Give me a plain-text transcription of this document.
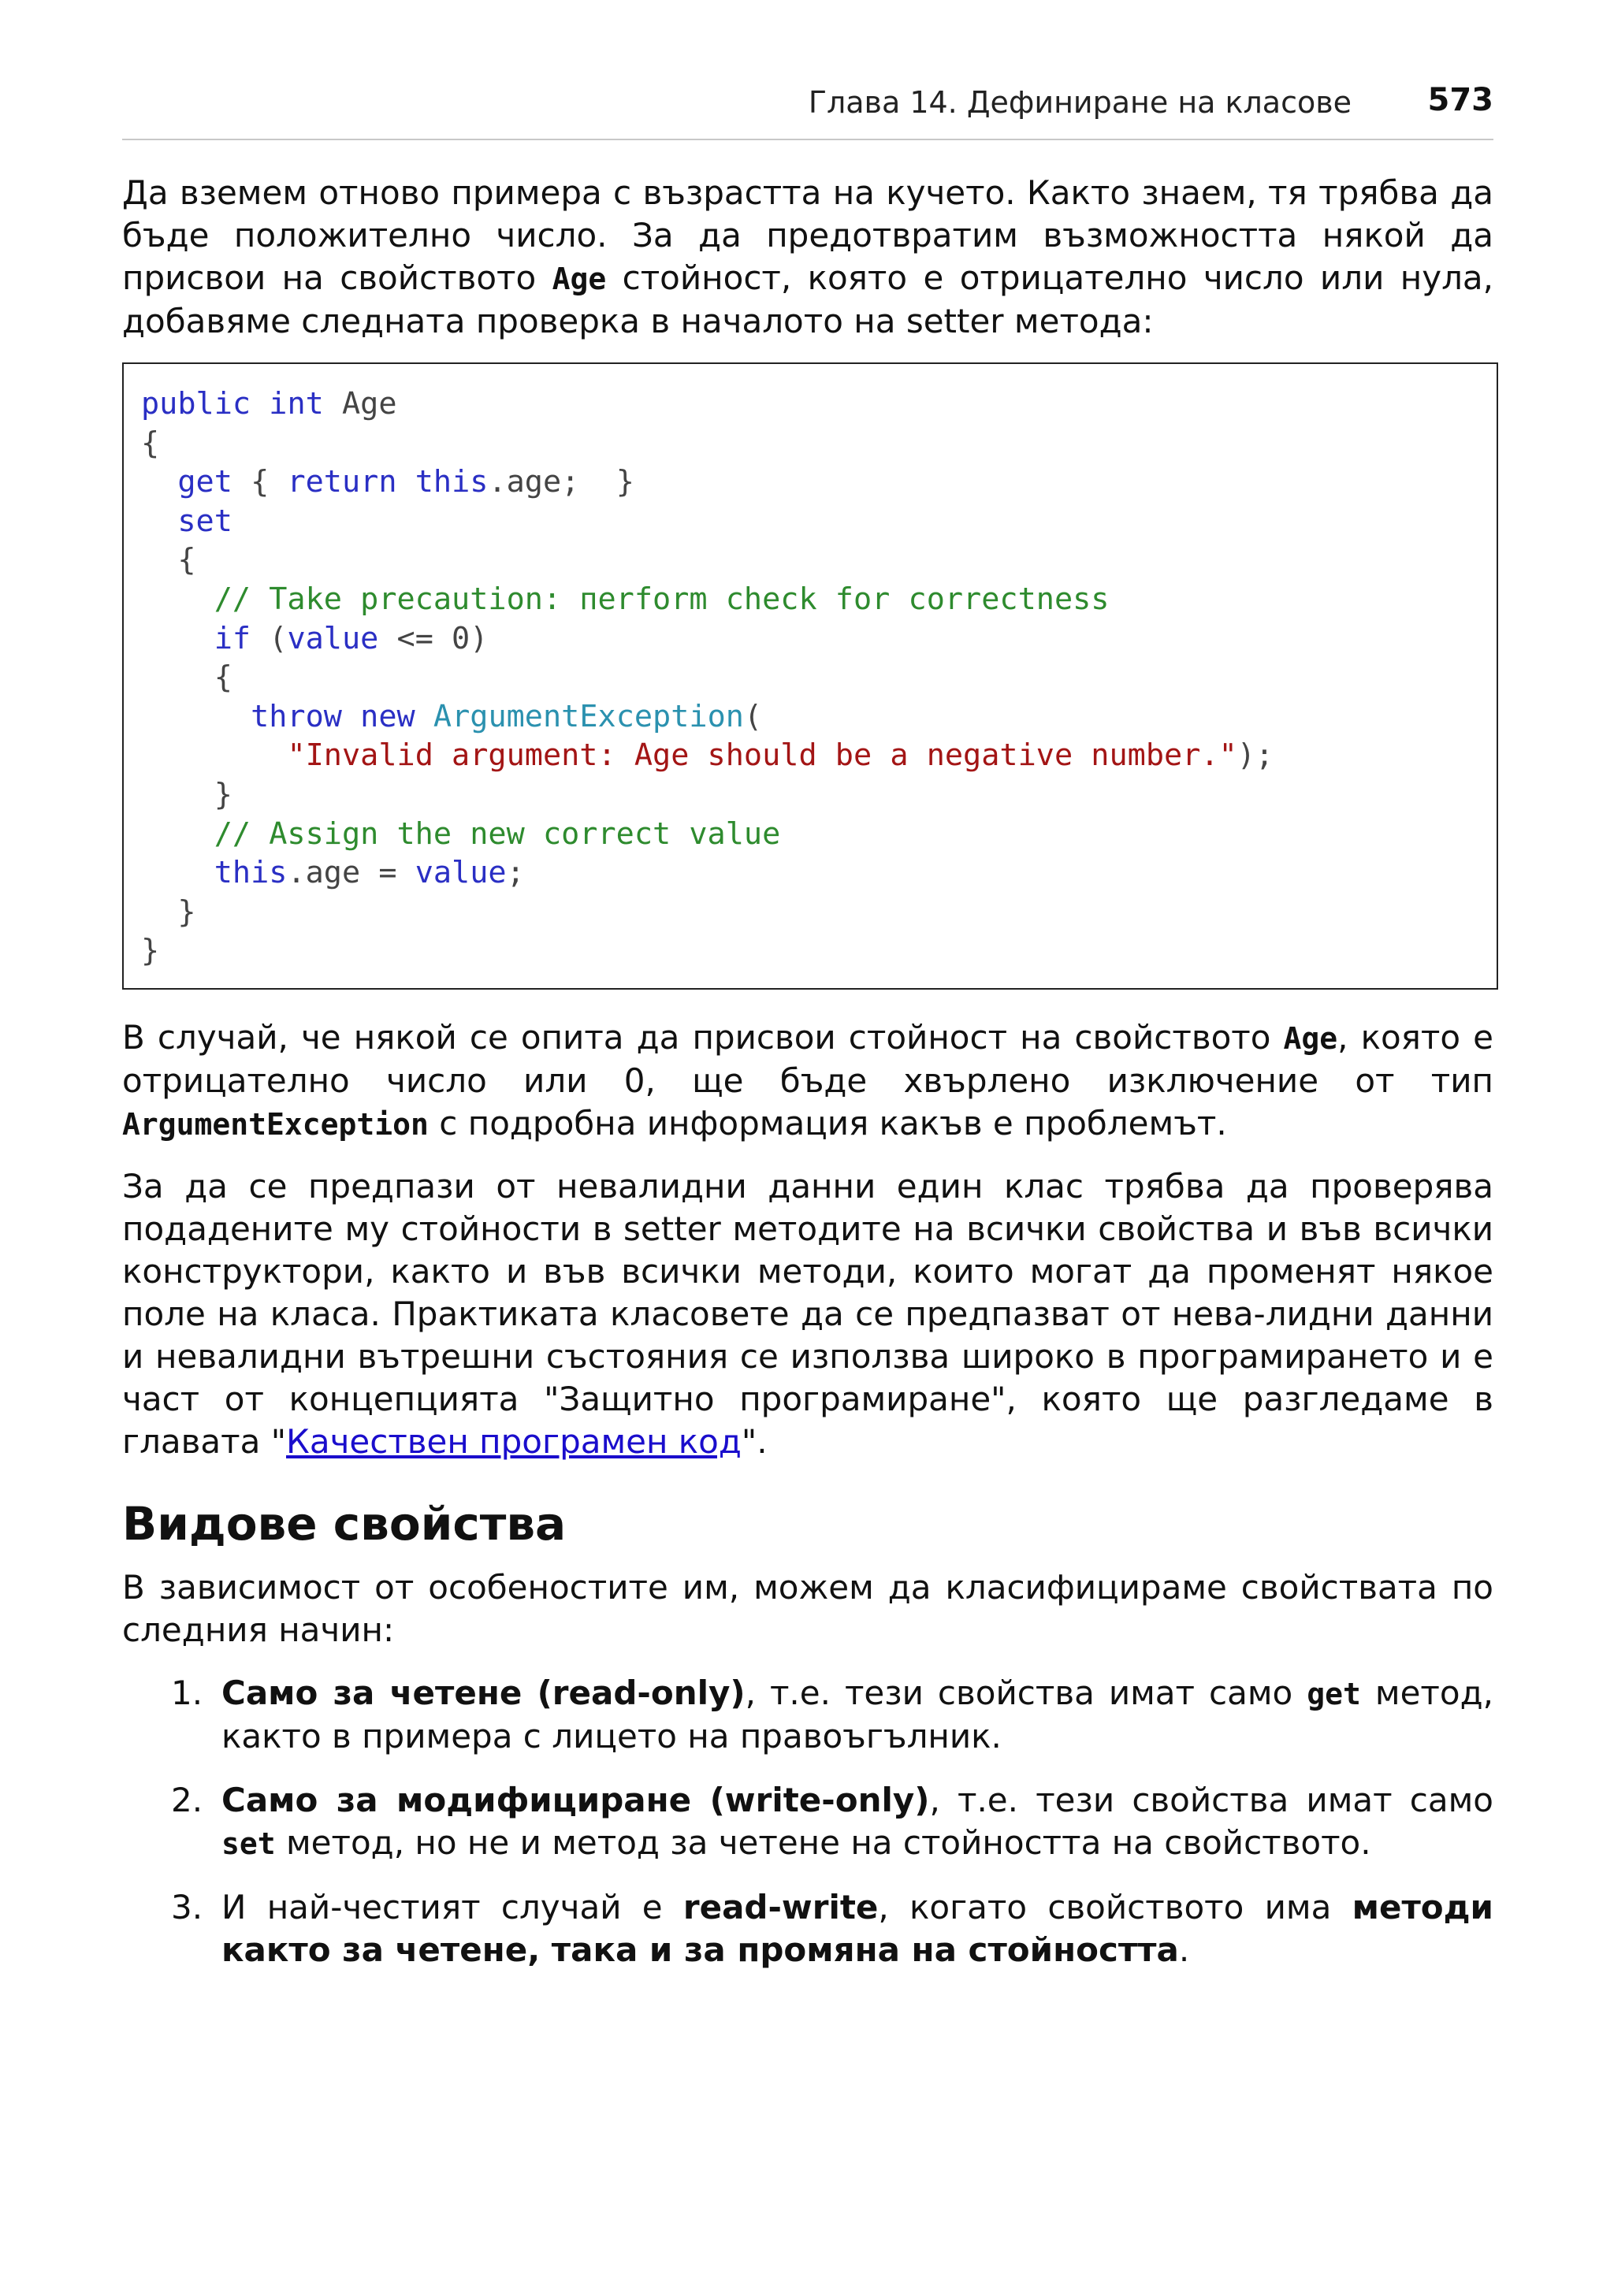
Глава 14. Дефиниране на класове 573

Да вземем отново примера с възрастта на кучето. Както знаем, тя трябва да бъде положително число. За да предотвратим възможността някой да присвои на свойството Age стойност, която е отрицателно число или нула, добавяме следната проверка в началото на setter метода:

public int Age
{
get { return this.age;  }
set
{
// Take precaution: пerform check for correctness
if (value <= 0)
{
throw new ArgumentException(
"Invalid argument: Age should be a negative number.");
}
// Assign the new correct value
this.age = value;
}
}

В случай, че някой се опита да присвои стойност на свойството Age, която е отрицателно число или 0, ще бъде хвърлено изключение от тип ArgumentException с подробна информация какъв е проблемът.

За да се предпази от невалидни данни един клас трябва да проверява подадените му стойности в setter методите на всички свойства и във всички конструктори, както и във всички методи, които могат да променят някое поле на класа. Практиката класовете да се предпазват от нева-лидни данни и невалидни вътрешни състояния се използва широко в програмирането и е част от концепцията "Защитно програмиране", която ще разгледаме в главата "Качествен програмен код".

Видове свойства

В зависимост от особеностите им, можем да класифицираме свойствата по следния начин:

1. Само за четене (read-only), т.е. тези свойства имат само get метод, както в примера с лицето на правоъгълник.
2. Само за модифициране (write-only), т.е. тези свойства имат само set метод, но не и метод за четене на стойността на свойството.
3. И най-честият случай е read-write, когато свойството има методи както за четене, така и за промяна на стойността.
